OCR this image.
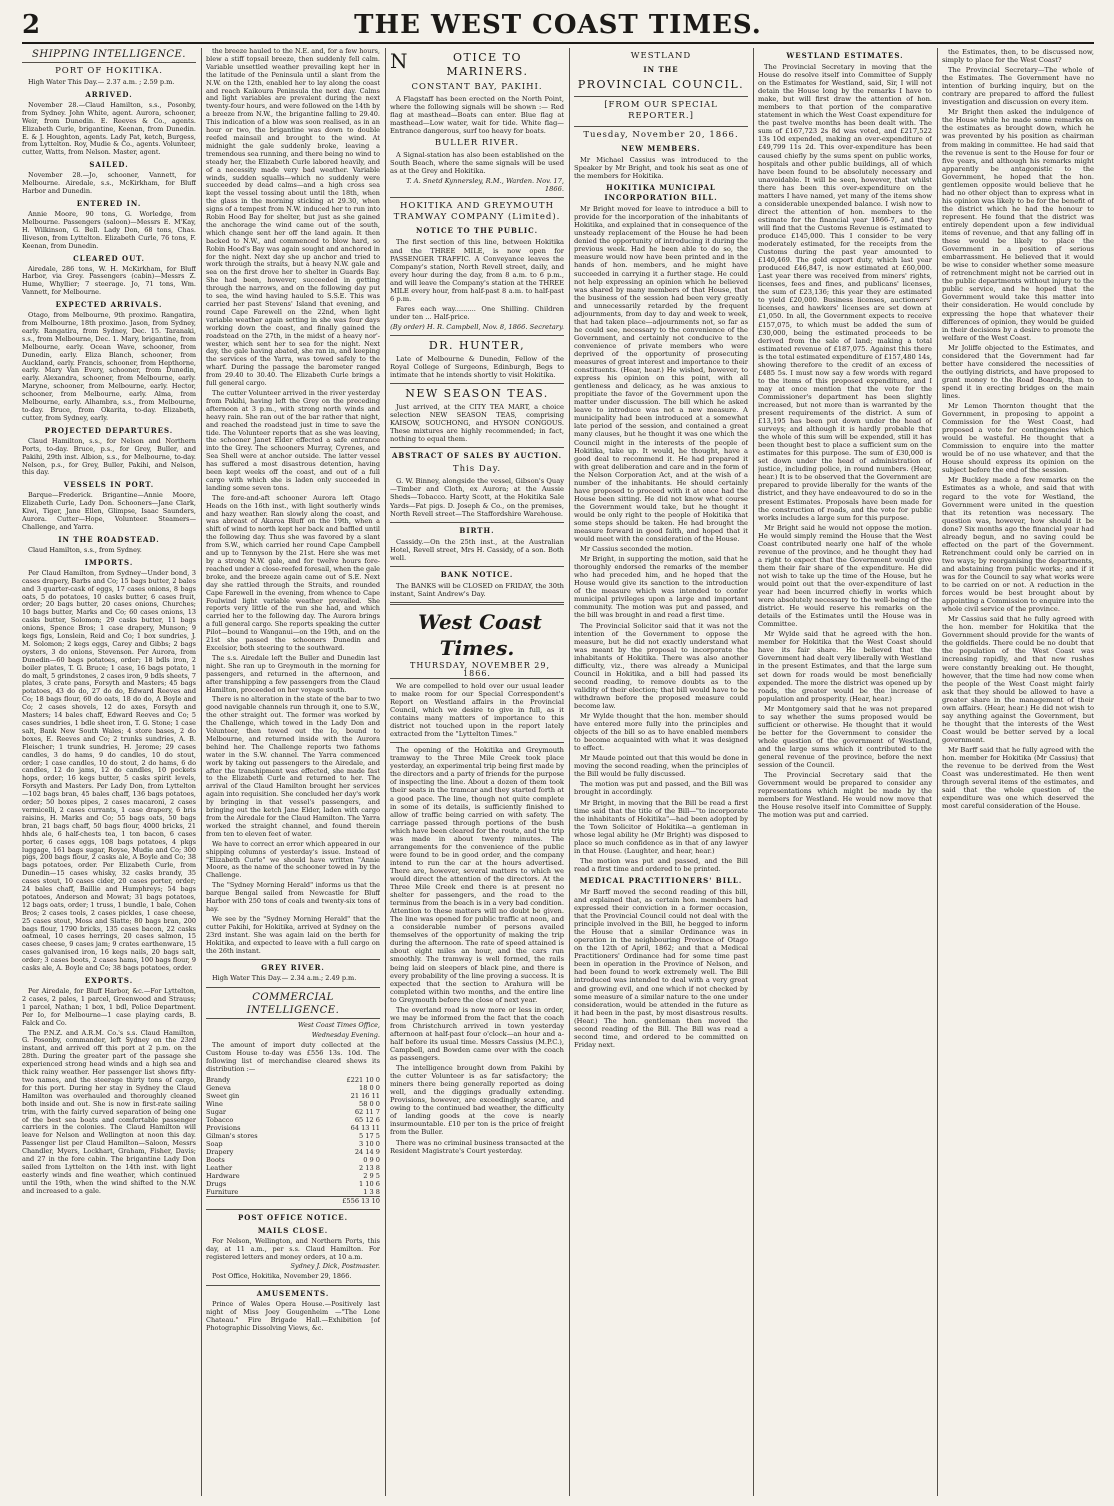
2	THE WEST COAST TIMES.

SHIPPING INTELLIGENCE.

PORT OF HOKITIKA.

High Water This Day.— 2.37 a.m. ; 2.59 p.m.

ARRIVED.

November 28.—Claud Hamilton, s.s., Posonby, from Sydney. John White, agent. Aurora, schooner, Weir, from Dunedin. E. Reeves & Co., agents. Elizabeth Curle, brigantine, Keenan, from Dunedin. E. & J. Houghton, agents. Lady Pat, ketch, Burgess, from Lyttelton. Roy, Mudie & Co., agents. Volunteer, cutter, Watts, from Nelson. Master, agent.

SAILED.

November 28.—Jo, schooner, Vannett, for Melbourne. Airedale, s.s., McKirkham, for Bluff Harbor and Dunedin.

ENTERED IN.

Annie Moore, 90 tons, G. Worledge, from Melbourne. Passengers (saloon)—Messrs E. M'Kay, H. Wilkinson, G. Bell. Lady Don, 68 tons, Chas. Iliveson, from Lyttelton. Elizabeth Curle, 76 tons, F. Keenan, from Dunedin.

CLEARED OUT.

Airedale, 286 tons, W. H. McKirkham, for Bluff Harbor, via Grey. Passengers (cabin)—Messrs Z. Hume, Whyllier; 7 steerage. Jo, 71 tons, Wm. Vannett, for Melbourne.

EXPECTED ARRIVALS.

Otago, from Melbourne, 9th proximo. Rangatira, from Melbourne, 18th proximo. Jason, from Sydney, early. Rangatira, from Sydney, Dec. 15. Taranaki, s.s., from Melbourne, Dec. 1. Mary, brigantine, from Melbourne, early. Ocean Wave, schooner, from Dunedin, early. Eliza Blanch, schooner, from Auckland, early. Francis, schooner, from Hepthorne, early. Mary Van Every, schooner, from Dunedin, early. Alexandra, schooner, from Melbourne, early. Maryne, schooner, from Melbourne, early. Hector, schooner, from Melbourne, early. Alma, from Melbourne, early. Alhambra, s.s., from Melbourne, to-day. Bruce, from Okarita, to-day. Elizabeth, cutter, from Sydney, early.

PROJECTED DEPARTURES.

Claud Hamilton, s.s., for Nelson and Northern Ports, to-day. Bruce, p.s., for Grey, Buller, and Pakihi, 29th inst. Albion, s.s., for Melbourne, to-day. Nelson, p.s., for Grey, Buller, Pakihi, and Nelson, this day.

VESSELS IN PORT.

Barque—Frederick. Brigantine—Annie Moore, Elizabeth Curle, Lady Don. Schooners—Jane Clark, Kiwi, Tiger, Jane Ellen, Glimpse, Isaac Saunders, Aurora. Cutter—Hope, Volunteer. Steamers—Challenge, and Yarra.

IN THE ROADSTEAD.

Claud Hamilton, s.s., from Sydney.

IMPORTS.

Per Claud Hamilton, from Sydney—Under bond, 3 cases drapery, Barbs and Co; 15 bags butter, 2 bales and 3 quarter-cask of eggs, 17 cases onions, 8 bags oats, 5 do potatoes, 10 casks butter, 6 cases fruit, order; 20 bags butter, 20 cases onions, Churches; 10 bags butter, Marks and Co; 60 cases onions, 13 casks butter, Solomon; 29 casks butter, 11 bags onions, Spence Bros; 1 case drapery, Munson; 9 kegs figs, Lonslein, Reid and Co; 1 box sundries, J. M. Solomon; 2 kegs eggs, Carey and Gibbs; 2 bags oysters, 3 do onions, Stevenson. Per Aurora, from Dunedin—60 bags potatoes, order; 18 bdls iron, 2 boiler plates, T. G. Bruce; 1 case, 16 bags potato, 1 do malt, 5 grindstones, 2 cases iron, 9 bdls sheets, 7 plates, 3 crate pans, Forsyth and Masters; 45 bags potatoes, 43 do do, 27 do do, Edward Reeves and Co; 18 bags flour, 60 do oats, 18 do do, A Boyle and Co; 2 cases shovels, 12 do axes, Forsyth and Masters; 14 bales chaff, Edward Reeves and Co; 5 cases sundries, 1 bdle sheet iron, T. G. Stone; 1 case salt, Bank New South Wales; 4 store bases, 2 do boxes, E. Reeves and Co; 2 trunks sundries, A. B. Fleischer; 1 trunk sundries, H. Jerome; 29 cases candles, 3 do hams, 9 do candles, 10 do stout, order; 1 case candles, 10 do stout, 2 do hams, 6 do candles, 12 do jams, 12 do candles, 10 pockets hops, order; 16 kegs butter, 5 casks spirit levels, Forsyth and Masters. Per Lady Don, from Lyttelton—102 bags bran, 45 bales chaff, 136 bags potatoes, order; 50 boxes pipes, 2 cases macaroni, 2 cases vermicelli, 2 cases currants, 1 case drapery, 6 bris raisins, H. Marks and Co; 55 bags oats, 50 bags bran, 21 bags chaff, 50 bags flour, 4000 bricks, 21 hhds ale, 6 half-chests tea, 1 ton bacon, 6 cases porter, 6 cases eggs, 108 bags potatoes, 4 pkgs luggage, 161 bags sugar, Royse, Mudie and Co; 300 pigs, 200 bags flour, 2 casks ale, A Boyle and Co; 38 bags potatoes, order. Per Elizabeth Curle, from Dunedin—15 cases whisky, 32 casks brandy, 35 cases stout, 10 cases cider, 20 cases porter, order; 24 bales chaff, Baillie and Humphreys; 54 bags potatoes, Anderson and Mowat; 31 bags potatoes, 12 bags oats, order; 1 truss, 1 bundle, 1 bale, Cohen Bros; 2 cases tools, 2 cases pickles, 1 case cheese, 25 cases stout, Moss and Slatte; 80 bags bran, 200 bags flour, 1790 bricks, 135 cases bacon, 22 casks oatmeal, 10 cases herrings, 20 cases salmon, 15 cases cheese, 9 cases jam; 9 crates earthenware, 15 cases galvanised iron, 16 kegs nails, 20 bags salt, order; 3 cases boots, 2 cases hams, 100 bags flour, 9 casks ale, A. Boyle and Co; 38 bags potatoes, order.

EXPORTS.

Per Airedale, for Bluff Harbor, &c.—For Lyttelton, 2 cases, 2 pales, 1 parcel, Greenwood and Strauss; 1 parcel, Nathan; 1 box, 1 bdl, Police Department. Per Io, for Melbourne—1 case playing cards, B. Falck and Co.

The P.N.Z. and A.R.M. Co.'s s.s. Claud Hamilton, G. Posonby, commander, left Sydney on the 23rd instant, and arrived off this port at 2 p.m. on the 28th. During the greater part of the passage she experienced strong head winds and a high sea and thick rainy weather. Her passenger list shows fifty-two names, and the steerage thirty tons of cargo, for this port. During her stay in Sydney the Claud Hamilton was overhauled and thoroughly cleaned both inside and out. She is now in first-rate sailing trim, with the fairly curved separation of being one of the best sea boats and comfortable passenger carriers in the colonies. The Claud Hamilton will leave for Nelson and Wellington at noon this day. Passenger list per Claud Hamilton—Saloon, Messrs Chandler, Myers, Lockhart, Graham, Fisher, Davis; and 27 in the fore cabin. The brigantine Lady Don sailed from Lyttelton on the 14th inst. with light easterly winds and fine weather, which continued until the 19th, when the wind shifted to the N.W. and increased to a gale.

the breeze hauled to the N.E. and, for a few hours, blew a stiff topsail breeze, then suddenly fell calm. Variable unsettled weather prevailing kept her in the latitude of the Peninsula until a slant from the N.W. on the 12th, enabled her to lay along the coast and reach Kaikoura Peninsula the next day. Calms and light variables are prevalent during the next twenty-four hours, and were followed on the 14th by a breeze from N.W., the brigantine falling to 29.40. This indication of a blow was soon realised, as in an hour or two, the brigantine was down to double reefed mainsail and brought to the wind. At midnight the gale suddenly broke, leaving a tremendous sea running, and there being no wind to steady her, the Elizabeth Curle labored heavily, and of a necessity made very bad weather. Variable winds, sudden squalls—which no suddenly were succeeded by dead calms—and a high cross sea kept the vessel tossing about until the 18th, when the glass in the morning sticking at 29.30, when signs of a tempest from N.W. induced her to run into Robin Hood Bay for shelter, but just as she gained the anchorage the wind came out of the south, which change sent her off the land again. It then backed to N.W., and commenced to blow hard, so Robin Hood's Bay was again sought and anchored in for the night. Next day she up anchor and tried to work through the straits, but a heavy N.W. gale and sea on the first drove her to shelter in Guards Bay. She had been, however, succeeded in getting through the narrows, and on the following day put to sea, the wind having hauled to S.S.E. This was carried her past Stevens' Island that evening, and round Cape Farewell on the 22nd, when light variable weather again setting in she was four days working down the coast, and finally gained the roadstead on the 27th, in the midst of a heavy nor'-wester, which sent her to sea for the night. Next day, the gale having abated, she ran in, and keeping the services of the Yarra, was towed safely to the wharf. During the passage the barometer ranged from 29.40 to 30.40. The Elizabeth Curle brings a full general cargo.

The cutter Volunteer arrived in the river yesterday from Pakihi, having left the Grey on the preceding afternoon at 3 p.m., with strong north winds and heavy rain. She ran out of the bar rather that night, and reached the roadstead just in time to save the tide. The Volunteer reports that as she was leaving, the schooner Janet Elder effected a safe entrance into the Grey. The schooners Murray, Cyrenes, and Sea Shell were at anchor outside. The latter vessel has suffered a most disastrous detention, having been kept weeks off the coast, and out of a full cargo with which she is laden only succeeded in landing some seven tons.

The fore-and-aft schooner Aurora left Otago Heads on the 16th inst., with light southerly winds and hazy weather. Ran slowly along the coast, and was abreast of Akaroa Bluff on the 19th, when a shift of wind to north kept her back and baffled until the following day. Thus she was favored by a slant from S.W., which carried her round Cape Campbell and up to Tennyson by the 21st. Here she was met by a strong N.W. gale, and for twelve hours fore-reached under a close-reefed foresail, when the gale broke, and the breeze again came out of S.E. Next day she rattled through the Straits, and rounded Cape Farewell in the evening, from whence to Cape Foulwind light variable weather prevailed. She reports very little of the run she had, and which carried her to the following day. The Aurora brings a full general cargo. She reports speaking the cutter Pilot—bound to Wanganui—on the 19th, and on the 21st she passed the schooners Dunedin and Excelsior, both steering to the southward.

The s.s. Airedale left the Buller and Dunedin last night. She ran up to Greymouth in the morning for passengers, and returned in the afternoon, and after transhipping a few passengers from the Claud Hamilton, proceeded on her voyage south.

There is no alteration in the state of the bar to two good navigable channels run through it, one to S.W., the other straight out. The former was worked by the Challenge, which towed in the Lady Don and Volunteer, then towed out the Io, bound to Melbourne, and returned inside with the Aurora behind her. The Challenge reports two fathoms water in the S.W. channel. The Yarra commenced work by taking out passengers to the Airedale, and after the transhipment was effected, she made fast to the Elizabeth Curle and returned to her. The arrival of the Claud Hamilton brought her services again into requisition. She concluded her day's work by bringing in that vessel's passengers, and bringing out the ketch Jane Elder, laden with cargo from the Airedale for the Claud Hamilton. The Yarra worked the straight channel, and found therein from ten to eleven feet of water.

We have to correct an error which appeared in our shipping columns of yesterday's issue. Instead of "Elizabeth Curle" we should have written "Annie Moore, as the name of the schooner towed in by the Challenge.

The "Sydney Morning Herald" informs us that the barque Bengal sailed from Newcastle for Bluff Harbor with 250 tons of coals and twenty-six tons of hay.

We see by the "Sydney Morning Herald" that the cutter Pakihi, for Hokitika, arrived at Sydney on the 23rd instant. She was again laid on the berth for Hokitika, and expected to leave with a full cargo on the 26th instant.

GREY RIVER.

High Water This Day.— 2.34 a.m.; 2.49 p.m.

COMMERCIAL INTELLIGENCE.

West Coast Times Office,

Wednesday Evening.

The amount of import duty collected at the Custom House to-day was £556 13s. 10d. The following list of merchandise cleared shews its distribution :—

Brandy	£221 10 0
Geneva	18 0 0
Sweet gin	21 16 11
Wine	58 0 0
Sugar	62 11 7
Tobacco	65 12 6
Provisions	64 13 11
Gilman's stores	5 17 5
Soap	3 10 0
Drapery	24 14 9
Boots	0 9 0
Leather	2 13 8
Hardware	2 9 5
Drugs	1 10 6
Furniture	1 3 8
	£556 13 10

POST OFFICE NOTICE.

MAILS CLOSE.

For Nelson, Wellington, and Northern Ports, this day, at 11 a.m., per s.s. Claud Hamilton. For registered letters and money orders, at 10 a.m.

Sydney J. Dick, Postmaster.

Post Office, Hokitika, November 29, 1866.

AMUSEMENTS.

Prince of Wales Opera House.—Positively last night of Miss Joey Gougenheim —"The Lone Chateau." Fire Brigade Hall.—Exhibition [of Photographic Dissolving Views, &c.

NOTICE TO MARINERS.

CONSTANT BAY, PAKIHI.

A Flagstaff has been erected on the North Point, where the following signals will be shown :— Red flag at masthead—Boats can enter. Blue flag at masthead—Low water, wait for tide. White flag—Entrance dangerous, surf too heavy for boats.

BULLER RIVER.

A Signal-station has also been established on the South Beach, where the same signals will be used as at the Grey and Hokitika.

T. A. Snetd Kynnersley, R.M., Warden. Nov. 17, 1866.

HOKITIKA AND GREYMOUTH TRAMWAY COMPANY (Limited).

NOTICE TO THE PUBLIC.

The first section of this line, between Hokitika and the THREE MILE, is now open for PASSENGER TRAFFIC. A Conveyance leaves the Company's station, North Revell street, daily, and every hour during the day, from 8 a.m. to 6 p.m., and will leave the Company's station at the THREE MILE every hour, from half-past 8 a.m. to half-past 6 p.m.

Fares each way.......... One Shilling. Children under ten ... Half-price.

(By order) H. R. Campbell, Nov. 8, 1866. Secretary.

DR. HUNTER,

Late of Melbourne & Dunedin, Fellow of the Royal College of Surgeons, Edinburgh, Begs to intimate that he intends shortly to visit Hokitika.

NEW SEASON TEAS.

Just arrived, at the CITY TEA MART, a choice selection NEW SEASON TEAS, comprising KAISOW, SOUCHONG, and HYSON CONGOUS. These mixtures are highly recommended; in fact, nothing to equal them.

ABSTRACT OF SALES BY AUCTION.

This Day.

G. W. Binney, alongside the vessel, Gibson's Quay—Timber and Cloth, ex Aurora; at the Aussie Sheds—Tobacco. Harty Scott, at the Hokitika Sale Yards—Fat pigs. D. Joseph & Co., on the premises, North Revell street—The Staffordshire Warehouse.

BIRTH.

Cassidy.—On the 25th inst., at the Australian Hotel, Revell street, Mrs H. Cassidy, of a son. Both well.

BANK NOTICE.

The BANKS will be CLOSED on FRIDAY, the 30th instant, Saint Andrew's Day.

West Coast Times.

THURSDAY, NOVEMBER 29, 1866.

We are compelled to hold over our usual leader to make room for our Special Correspondent's Report on Westland affairs in the Provincial Council, which we desire to give in full, as it contains many matters of importance to this district not touched upon in the report lately extracted from the "Lyttelton Times."

The opening of the Hokitika and Greymouth tramway to the Three Mile Creek took place yesterday, an experimental trip being first made by the directors and a party of friends for the purpose of inspecting the line. About a dozen of them took their seats in the tramcar and they started forth at a good pace. The line, though not quite complete in some of its details, is sufficiently finished to allow of traffic being carried on with safety. The carriage passed through portions of the bush which have been cleared for the route, and the trip was made in about twenty minutes. The arrangements for the convenience of the public were found to be in good order, and the company intend to run the car at the hours advertised. There are, however, several matters to which we would direct the attention of the directors. At the Three Mile Creek end there is at present no shelter for passengers, and the road to the terminus from the beach is in a very bad condition. Attention to these matters will no doubt be given. The line was opened for public traffic at noon, and a considerable number of persons availed themselves of the opportunity of making the trip during the afternoon. The rate of speed attained is about eight miles an hour, and the cars run smoothly. The tramway is well formed, the rails being laid on sleepers of black pine, and there is every probability of the line proving a success. It is expected that the section to Arahura will be completed within two months, and the entire line to Greymouth before the close of next year.

The overland road is now more or less in order, we may be informed from the fact that the coach from Christchurch arrived in town yesterday afternoon at half-past four o'clock—an hour and a-half before its usual time. Messrs Cassius (M.P.C.), Campbell, and Bowden came over with the coach as passengers.

The intelligence brought down from Pakihi by the cutter Volunteer is as far satisfactory; the miners there being generally reported as doing well, and the diggings gradually extending. Provisions, however, are exceedingly scarce, and owing to the continued bad weather, the difficulty of landing goods at the cove is nearly insurmountable. £10 per ton is the price of freight from the Buller.

There was no criminal business transacted at the Resident Magistrate's Court yesterday.

WESTLAND

IN THE

PROVINCIAL COUNCIL.

[FROM OUR SPECIAL REPORTER.]

Tuesday, November 20, 1866.

NEW MEMBERS.

Mr Michael Cassius was introduced to the Speaker by Mr Bright, and took his seat as one of the members for Hokitika.

HOKITIKA MUNICIPAL INCORPORATION BILL.

Mr Bright moved for leave to introduce a bill to provide for the incorporation of the inhabitants of Hokitika, and explained that in consequence of the unsteady replacement of the House he had been denied the opportunity of introducing it during the previous week. Had he been able to do so, the measure would now have been printed and in the hands of hon. members, and he might have succeeded in carrying it a further stage. He could not help expressing an opinion which he believed was shared by many members of that House, that the business of the session had been very greatly and unnecessarily retarded by the frequent adjournments, from day to day and week to week, that had taken place—adjournments not, so far as he could see, necessary to the convenience of the Government, and certainly not conducive to the convenience of private members who were deprived of the opportunity of prosecuting measures of great interest and importance to their constituents. (Hear, hear.) He wished, however, to express his opinion on this point, with all gentleness and delicacy, as he was anxious to propitiate the favor of the Government upon the matter under discussion. The bill which he asked leave to introduce was not a new measure. A municipality had been introduced at a somewhat late period of the session, and contained a great many clauses, but he thought it was one which the Council might in the interests of the people of Hokitika, take up. It would, he thought, have a good deal to recommend it. He had prepared it with great deliberation and care and in the form of the Nelson Corporation Act, and at the wish of a number of the inhabitants. He should certainly have proposed to proceed with it at once had the House been sitting. He did not know what course the Government would take, but he thought it would be only right to the people of Hokitika that some steps should be taken. He had brought the measure forward in good faith, and hoped that it would meet with the consideration of the House.

Mr Cassius seconded the motion.

Mr Bright, in supporting the motion, said that he thoroughly endorsed the remarks of the member who had preceded him, and he hoped that the House would give its sanction to the introduction of the measure which was intended to confer municipal privileges upon a large and important community. The motion was put and passed, and the bill was brought in and read a first time.

The Provincial Solicitor said that it was not the intention of the Government to oppose the measure, but he did not exactly understand what was meant by the proposal to incorporate the inhabitants of Hokitika. There was also another difficulty, viz., there was already a Municipal Council in Hokitika, and a bill had passed its second reading, to remove doubts as to the validity of their election; that bill would have to be withdrawn before the proposed measure could become law.

Mr Wylde thought that the hon. member should have entered more fully into the principles and objects of the bill so as to have enabled members to become acquainted with what it was designed to effect.

Mr Maude pointed out that this would be done in moving the second reading, when the principles of the Bill would be fully discussed.

The motion was put and passed, and the Bill was brought in accordingly.

Mr Bright, in moving that the Bill be read a first time said that the title of the Bill—"to incorporate the inhabitants of Hokitika"—had been adopted by the Town Solicitor of Hokitika—a gentleman in whose legal ability he (Mr Bright) was disposed to place so much confidence as in that of any lawyer in that House. (Laughter, and hear, hear.)

The motion was put and passed, and the Bill read a first time and ordered to be printed.

MEDICAL PRACTITIONERS' BILL.

Mr Barff moved the second reading of this bill, and explained that, as certain hon. members had expressed their conviction in a former occasion, that the Provincial Council could not deal with the principle involved in the Bill, he begged to inform the House that a similar Ordinance was in operation in the neighbouring Province of Otago on the 12th of April, 1862; and that a Medical Practitioners' Ordinance had for some time past been in operation in the Province of Nelson, and had been found to work extremely well. The Bill introduced was intended to deal with a very great and growing evil, and one which if not checked by some measure of a similar nature to the one under consideration, would be attended in the future as it had been in the past, by most disastrous results. (Hear.) The hon. gentleman then moved the second reading of the Bill. The Bill was read a second time, and ordered to be committed on Friday next.

WESTLAND ESTIMATES.

The Provincial Secretary in moving that the House do resolve itself into Committee of Supply on the Estimates for Westland, said, Sir, I will not detain the House long by the remarks I have to make, but will first draw the attention of hon. members to that portion of the comparative statement in which the West Coast expenditure for the past twelve months has been dealt with. The sum of £167,723 2s 8d was voted, and £217,522 13s 10d expended, making an over-expenditure of £49,799 11s 2d. This over-expenditure has been caused chiefly by the sums spent on public works, hospitals and other public buildings, all of which have been found to be absolutely necessary and unavoidable. It will be seen, however, that whilst there has been this over-expenditure on the matters I have named, yet many of the items show a considerable unexpended balance. I wish now to direct the attention of hon. members to the estimate for the financial year 1866-7, and they will find that the Customs Revenue is estimated to produce £145,000. This I consider to be very moderately estimated, for the receipts from the Customs during the past year amounted to £140,469. The gold export duty, which last year produced £46,847, is now estimated at £60,000. Last year there was received from miners' rights, licenses, fees and fines, and publicans' licenses, the sum of £23,136; this year they are estimated to yield £20,000. Business licenses, auctioneers' licenses, and hawkers' licenses are set down at £1,050. In all, the Government expects to receive £157,075, to which must be added the sum of £30,000, being the estimated proceeds to be derived from the sale of land; making a total estimated revenue of £187,075. Against this there is the total estimated expenditure of £157,480 14s, showing therefore to the credit of an excess of £485 5s. I must now say a few words with regard to the items of this proposed expenditure, and I may at once mention that the vote for the Commissioner's department has been slightly increased, but not more than is warranted by the present requirements of the district. A sum of £13,195 has been put down under the head of surveys; and although it is hardly probable that the whole of this sum will be expended, still it has been thought best to place a sufficient sum on the estimates for this purpose. The sum of £30,000 is set down under the head of administration of justice, including police, in round numbers. (Hear, hear.) It is to be observed that the Government are prepared to provide liberally for the wants of the district, and they have endeavoured to do so in the present Estimates. Proposals have been made for the construction of roads, and the vote for public works includes a large sum for this purpose.

Mr Bright said he would not oppose the motion. He would simply remind the House that the West Coast contributed nearly one half of the whole revenue of the province, and he thought they had a right to expect that the Government would give them their fair share of the expenditure. He did not wish to take up the time of the House, but he would point out that the over-expenditure of last year had been incurred chiefly in works which were absolutely necessary to the well-being of the district. He would reserve his remarks on the details of the Estimates until the House was in Committee.

Mr Wylde said that he agreed with the hon. member for Hokitika that the West Coast should have its fair share. He believed that the Government had dealt very liberally with Westland in the present Estimates, and that the large sum set down for roads would be most beneficially expended. The more the district was opened up by roads, the greater would be the increase of population and prosperity. (Hear, hear.)

Mr Montgomery said that he was not prepared to say whether the sums proposed would be sufficient or otherwise. He thought that it would be better for the Government to consider the whole question of the government of Westland, and the large sums which it contributed to the general revenue of the province, before the next session of the Council.

The Provincial Secretary said that the Government would be prepared to consider any representations which might be made by the members for Westland. He would now move that the House resolve itself into Committee of Supply. The motion was put and carried.

the Estimates, then, to be discussed now, simply to place for the West Coast?

The Provincial Secretary—The whole of the Estimates. The Government have no intention of burking inquiry, but on the contrary are prepared to afford the fullest investigation and discussion on every item.

Mr Bright then asked the indulgence of the House while he made some remarks on the estimates as brought down, which he was prevented by his position as chairman from making in committee. He had said that the revenue is sent to the House for four or five years, and although his remarks might apparently be antagonistic to the Government, he hoped that the hon. gentlemen opposite would believe that he had no other object than to express what in his opinion was likely to be for the benefit of the district which he had the honour to represent. He found that the district was entirely dependent upon a few individual items of revenue, and that any falling off in these would be likely to place the Government in a position of serious embarrassment. He believed that it would be wise to consider whether some measure of retrenchment might not be carried out in the public departments without injury to the public service, and he hoped that the Government would take this matter into their consideration. He would conclude by expressing the hope that whatever their differences of opinion, they would be guided in their decisions by a desire to promote the welfare of the West Coast.

Mr Joliffe objected to the Estimates, and considered that the Government had far better have considered the necessities of the outlying districts, and have proposed to grant money to the Road Boards, than to spend it in erecting bridges on the main lines.

Mr Lemon Thornton thought that the Government, in proposing to appoint a Commission for the West Coast, had proposed a vote for contingencies which would be wasteful. He thought that a Commission to enquire into the matter would be of no use whatever, and that the House should express its opinion on the subject before the end of the session.

Mr Buckley made a few remarks on the Estimates as a whole, and said that with regard to the vote for Westland, the Government were united in the question that its retention was necessary. The question was, however, how should it be done? Six months ago the financial year had already begun, and no saving could be effected on the part of the Government. Retrenchment could only be carried on in two ways; by reorganising the departments, and abstaining from public works; and if it was for the Council to say what works were to be carried on or not. A reduction in the forces would be best brought about by appointing a Commission to enquire into the whole civil service of the province.

Mr Cassius said that he fully agreed with the hon. member for Hokitika that the Government should provide for the wants of the goldfields. There could be no doubt that the population of the West Coast was increasing rapidly, and that new rushes were constantly breaking out. He thought, however, that the time had now come when the people of the West Coast might fairly ask that they should be allowed to have a greater share in the management of their own affairs. (Hear, hear.) He did not wish to say anything against the Government, but he thought that the interests of the West Coast would be better served by a local government.

Mr Barff said that he fully agreed with the hon. member for Hokitika (Mr Cassius) that the revenue to be derived from the West Coast was underestimated. He then went through several items of the estimates, and said that the whole question of the expenditure was one which deserved the most careful consideration of the House.
